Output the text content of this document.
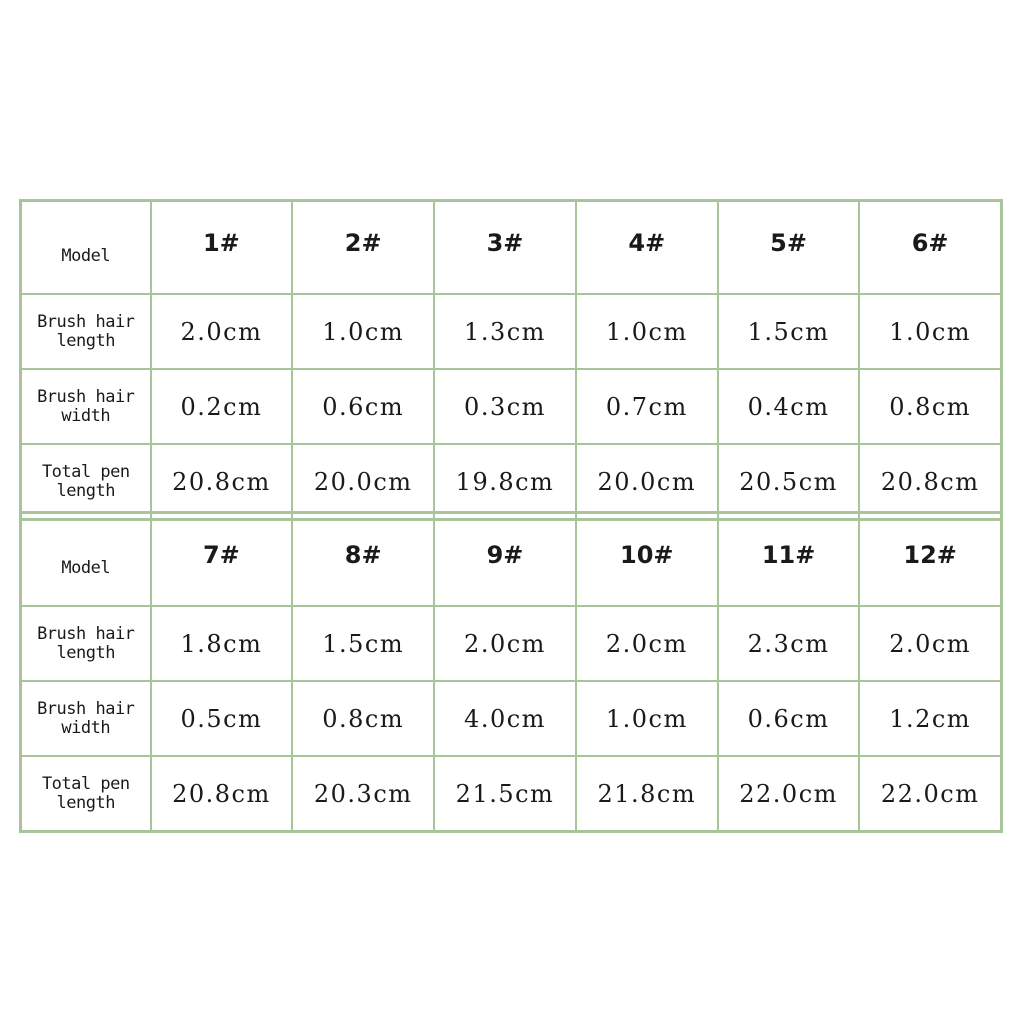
Model	1#	2#	3#	4#	5#	6#
Brush hair
length	2.0cm	1.0cm	1.3cm	1.0cm	1.5cm	1.0cm
Brush hair
width	0.2cm	0.6cm	0.3cm	0.7cm	0.4cm	0.8cm
Total pen
length	20.8cm	20.0cm	19.8cm	20.0cm	20.5cm	20.8cm
Model	7#	8#	9#	10#	11#	12#
Brush hair
length	1.8cm	1.5cm	2.0cm	2.0cm	2.3cm	2.0cm
Brush hair
width	0.5cm	0.8cm	4.0cm	1.0cm	0.6cm	1.2cm
Total pen
length	20.8cm	20.3cm	21.5cm	21.8cm	22.0cm	22.0cm
